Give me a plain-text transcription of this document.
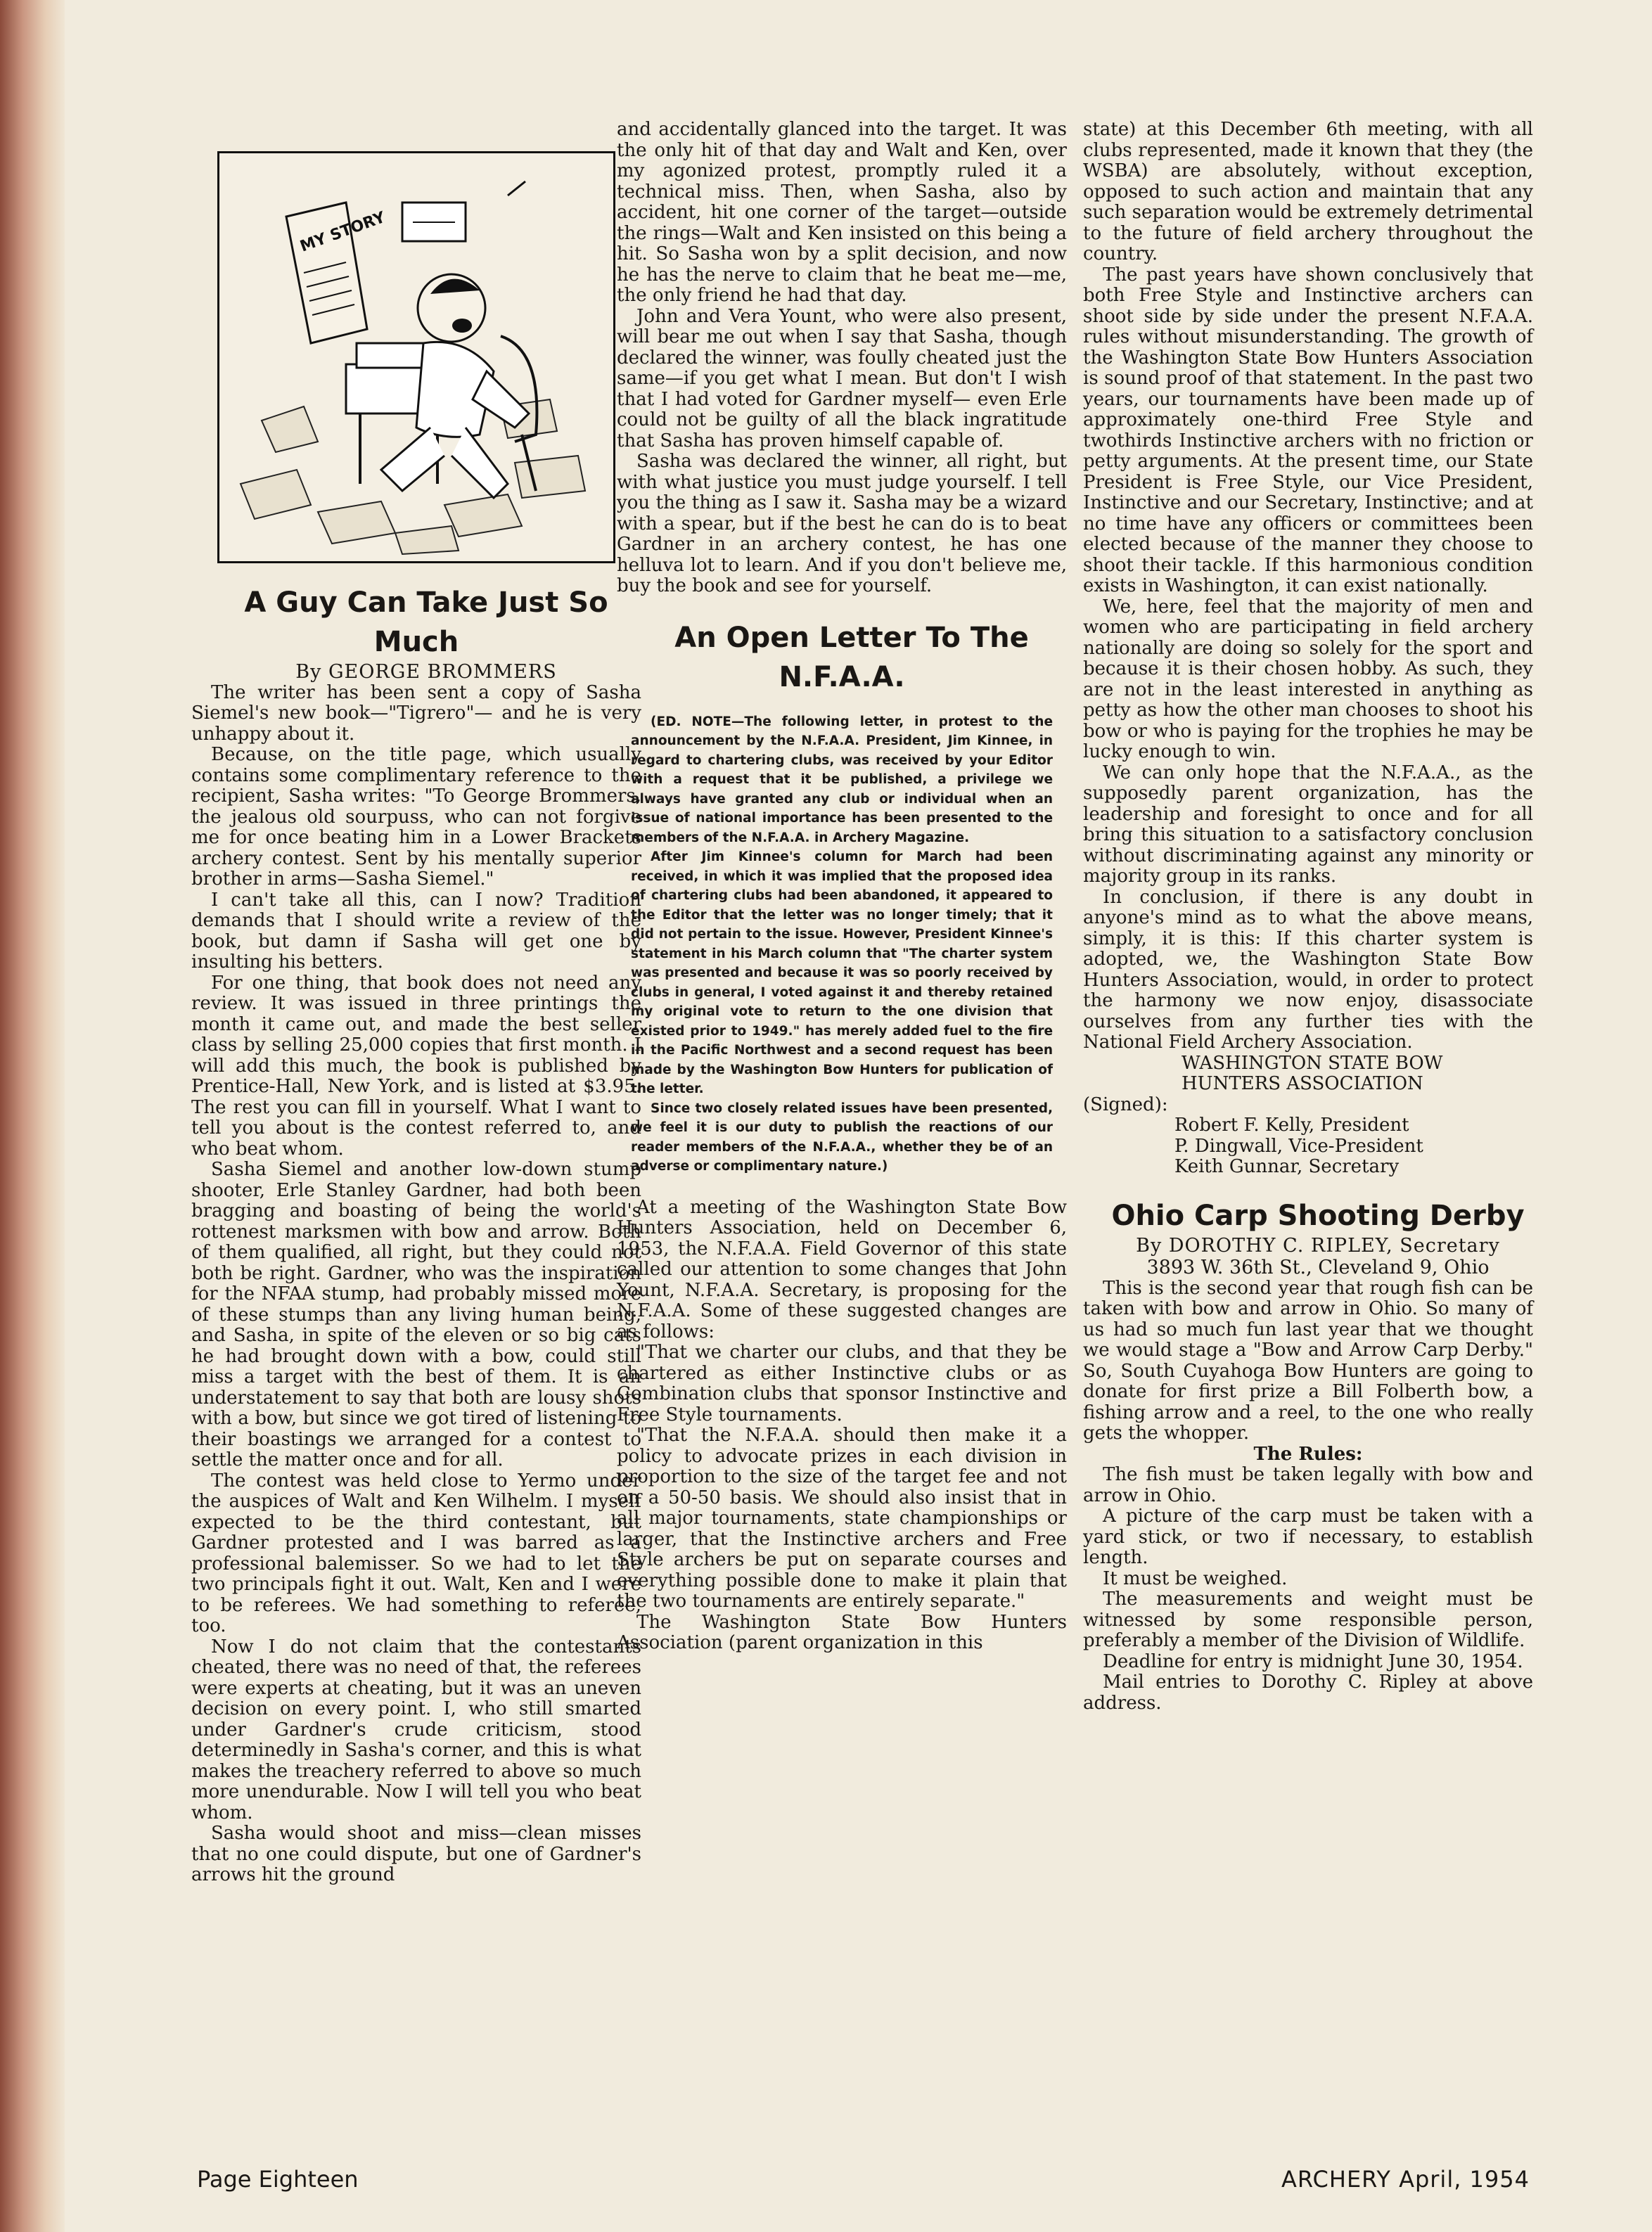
MY STORY

A Guy Can Take Just So Much

By GEORGE BROMMERS

The writer has been sent a copy of Sasha Siemel's new book—"Tigrero"— and he is very unhappy about it.

Because, on the title page, which usually contains some complimentary reference to the recipient, Sasha writes: "To George Brommers, the jealous old sourpuss, who can not forgive me for once beating him in a Lower Brackets archery contest. Sent by his mentally superior brother in arms—Sasha Siemel."

I can't take all this, can I now? Tradition demands that I should write a review of the book, but damn if Sasha will get one by insulting his betters.

For one thing, that book does not need any review. It was issued in three printings the month it came out, and made the best seller class by selling 25,000 copies that first month. I will add this much, the book is published by Prentice-Hall, New York, and is listed at $3.95. The rest you can fill in yourself. What I want to tell you about is the contest referred to, and who beat whom.

Sasha Siemel and another low-down stump shooter, Erle Stanley Gardner, had both been bragging and boasting of being the world's rottenest marksmen with bow and arrow. Both of them qualified, all right, but they could not both be right. Gardner, who was the inspiration for the NFAA stump, had probably missed more of these stumps than any living human being, and Sasha, in spite of the eleven or so big cats he had brought down with a bow, could still miss a target with the best of them. It is an understatement to say that both are lousy shots with a bow, but since we got tired of listening to their boastings we arranged for a contest to settle the matter once and for all.

The contest was held close to Yermo under the auspices of Walt and Ken Wilhelm. I myself expected to be the third contestant, but Gardner protested and I was barred as a professional balemisser. So we had to let the two principals fight it out. Walt, Ken and I were to be referees. We had something to referee, too.

Now I do not claim that the contestants cheated, there was no need of that, the referees were experts at cheating, but it was an uneven decision on every point. I, who still smarted under Gardner's crude criticism, stood determinedly in Sasha's corner, and this is what makes the treachery referred to above so much more unendurable. Now I will tell you who beat whom.

Sasha would shoot and miss—clean misses that no one could dispute, but one of Gardner's arrows hit the ground

and accidentally glanced into the target. It was the only hit of that day and Walt and Ken, over my agonized protest, promptly ruled it a technical miss. Then, when Sasha, also by accident, hit one corner of the target—outside the rings—Walt and Ken insisted on this being a hit. So Sasha won by a split decision, and now he has the nerve to claim that he beat me—me, the only friend he had that day.

John and Vera Yount, who were also present, will bear me out when I say that Sasha, though declared the winner, was foully cheated just the same—if you get what I mean. But don't I wish that I had voted for Gardner myself— even Erle could not be guilty of all the black ingratitude that Sasha has proven himself capable of.

Sasha was declared the winner, all right, but with what justice you must judge yourself. I tell you the thing as I saw it. Sasha may be a wizard with a spear, but if the best he can do is to beat Gardner in an archery contest, he has one helluva lot to learn. And if you don't believe me, buy the book and see for yourself.

An Open Letter To The N.F.A.A.

(ED. NOTE—The following letter, in protest to the announcement by the N.F.A.A. President, Jim Kinnee, in regard to chartering clubs, was received by your Editor with a request that it be published, a privilege we always have granted any club or individual when an issue of national importance has been presented to the members of the N.F.A.A. in Archery Magazine.

After Jim Kinnee's column for March had been received, in which it was implied that the proposed idea of chartering clubs had been abandoned, it appeared to the Editor that the letter was no longer timely; that it did not pertain to the issue. However, President Kinnee's statement in his March column that "The charter system was presented and because it was so poorly received by clubs in general, I voted against it and thereby retained my original vote to return to the one division that existed prior to 1949." has merely added fuel to the fire in the Pacific Northwest and a second request has been made by the Washington Bow Hunters for publication of the letter.

Since two closely related issues have been presented, we feel it is our duty to publish the reactions of our reader members of the N.F.A.A., whether they be of an adverse or complimentary nature.)

At a meeting of the Washington State Bow Hunters Association, held on December 6, 1953, the N.F.A.A. Field Governor of this state called our attention to some changes that John Yount, N.F.A.A. Secretary, is proposing for the N.F.A.A. Some of these suggested changes are as follows:

"That we charter our clubs, and that they be chartered as either Instinctive clubs or as Combination clubs that sponsor Instinctive and Free Style tournaments.

"That the N.F.A.A. should then make it a policy to advocate prizes in each division in proportion to the size of the target fee and not on a 50-50 basis. We should also insist that in all major tournaments, state championships or larger, that the Instinctive archers and Free Style archers be put on separate courses and everything possible done to make it plain that the two tournaments are entirely separate."

The Washington State Bow Hunters Association (parent organization in this

state) at this December 6th meeting, with all clubs represented, made it known that they (the WSBA) are absolutely, without exception, opposed to such action and maintain that any such separation would be extremely detrimental to the future of field archery throughout the country.

The past years have shown conclusively that both Free Style and Instinctive archers can shoot side by side under the present N.F.A.A. rules without misunderstanding. The growth of the Washington State Bow Hunters Association is sound proof of that statement. In the past two years, our tournaments have been made up of approximately one-third Free Style and twothirds Instinctive archers with no friction or petty arguments. At the present time, our State President is Free Style, our Vice President, Instinctive and our Secretary, Instinctive; and at no time have any officers or committees been elected because of the manner they choose to shoot their tackle. If this harmonious condition exists in Washington, it can exist nationally.

We, here, feel that the majority of men and women who are participating in field archery nationally are doing so solely for the sport and because it is their chosen hobby. As such, they are not in the least interested in anything as petty as how the other man chooses to shoot his bow or who is paying for the trophies he may be lucky enough to win.

We can only hope that the N.F.A.A., as the supposedly parent organization, has the leadership and foresight to once and for all bring this situation to a satisfactory conclusion without discriminating against any minority or majority group in its ranks.

In conclusion, if there is any doubt in anyone's mind as to what the above means, simply, it is this: If this charter system is adopted, we, the Washington State Bow Hunters Association, would, in order to protect the harmony we now enjoy, disassociate ourselves from any further ties with the National Field Archery Association.

WASHINGTON STATE BOW
HUNTERS ASSOCIATION
(Signed):
Robert F. Kelly, President
P. Dingwall, Vice-President
Keith Gunnar, Secretary

Ohio Carp Shooting Derby

By DOROTHY C. RIPLEY, Secretary

3893 W. 36th St., Cleveland 9, Ohio

This is the second year that rough fish can be taken with bow and arrow in Ohio. So many of us had so much fun last year that we thought we would stage a "Bow and Arrow Carp Derby." So, South Cuyahoga Bow Hunters are going to donate for first prize a Bill Folberth bow, a fishing arrow and a reel, to the one who really gets the whopper.

The Rules:

The fish must be taken legally with bow and arrow in Ohio.

A picture of the carp must be taken with a yard stick, or two if necessary, to establish length.

It must be weighed.

The measurements and weight must be witnessed by some responsible person, preferably a member of the Division of Wildlife.

Deadline for entry is midnight June 30, 1954.

Mail entries to Dorothy C. Ripley at above address.

Page Eighteen	ARCHERY April, 1954
